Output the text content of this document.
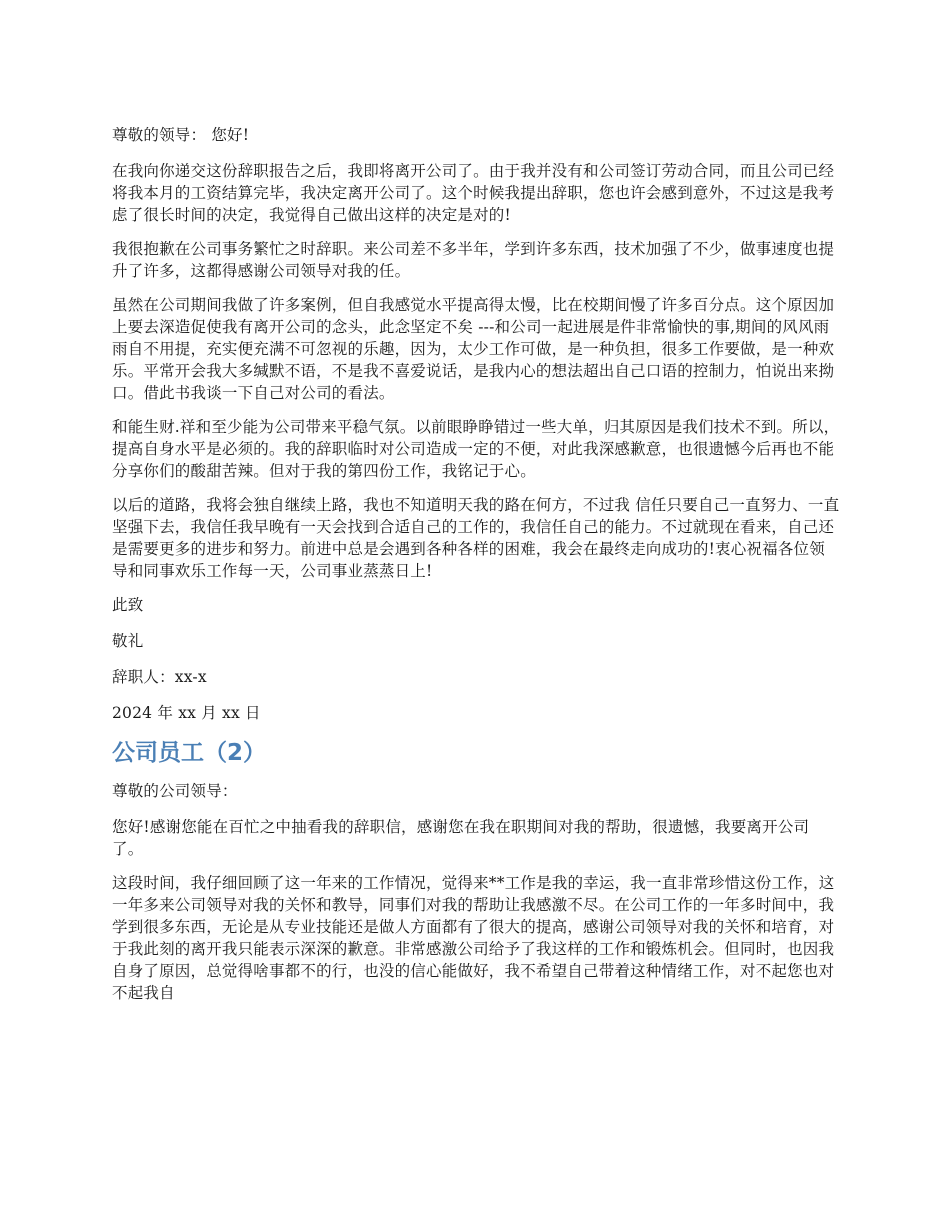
尊敬的领导： 您好!

在我向你递交这份辞职报告之后，我即将离开公司了。由于我并没有和公司签订劳动合同，而且公司已经将我本月的工资结算完毕，我决定离开公司了。这个时候我提出辞职，您也许会感到意外，不过这是我考虑了很长时间的决定，我觉得自己做出这样的决定是对的!

我很抱歉在公司事务繁忙之时辞职。来公司差不多半年，学到许多东西，技术加强了不少，做事速度也提升了许多，这都得感谢公司领导对我的任。

虽然在公司期间我做了许多案例，但自我感觉水平提高得太慢，比在校期间慢了许多百分点。这个原因加上要去深造促使我有离开公司的念头，此念坚定不矣 ---和公司一起进展是件非常愉快的事,期间的风风雨雨自不用提，充实便充满不可忽视的乐趣，因为，太少工作可做，是一种负担，很多工作要做，是一种欢乐。平常开会我大多缄默不语，不是我不喜爱说话，是我内心的想法超出自己口语的控制力，怕说出来拗口。借此书我谈一下自己对公司的看法。

和能生财.祥和至少能为公司带来平稳气氛。以前眼睁睁错过一些大单，归其原因是我们技术不到。所以，提高自身水平是必须的。我的辞职临时对公司造成一定的不便，对此我深感歉意，也很遗憾今后再也不能分享你们的酸甜苦辣。但对于我的第四份工作，我铭记于心。

以后的道路，我将会独自继续上路，我也不知道明天我的路在何方，不过我 信任只要自己一直努力、一直坚强下去，我信任我早晚有一天会找到合适自己的工作的，我信任自己的能力。不过就现在看来，自己还是需要更多的进步和努力。前进中总是会遇到各种各样的困难，我会在最终走向成功的!衷心祝福各位领导和同事欢乐工作每一天，公司事业蒸蒸日上!

此致

敬礼

辞职人：xx-x

2024 年 xx 月 xx 日

公司员工（2）

尊敬的公司领导：

您好!感谢您能在百忙之中抽看我的辞职信，感谢您在我在职期间对我的帮助，很遗憾，我要离开公司了。

这段时间，我仔细回顾了这一年来的工作情况，觉得来**工作是我的幸运，我一直非常珍惜这份工作，这一年多来公司领导对我的关怀和教导，同事们对我的帮助让我感激不尽。在公司工作的一年多时间中，我学到很多东西，无论是从专业技能还是做人方面都有了很大的提高，感谢公司领导对我的关怀和培育，对于我此刻的离开我只能表示深深的歉意。非常感激公司给予了我这样的工作和锻炼机会。但同时，也因我自身了原因，总觉得啥事都不的行，也没的信心能做好，我不希望自己带着这种情绪工作，对不起您也对不起我自
